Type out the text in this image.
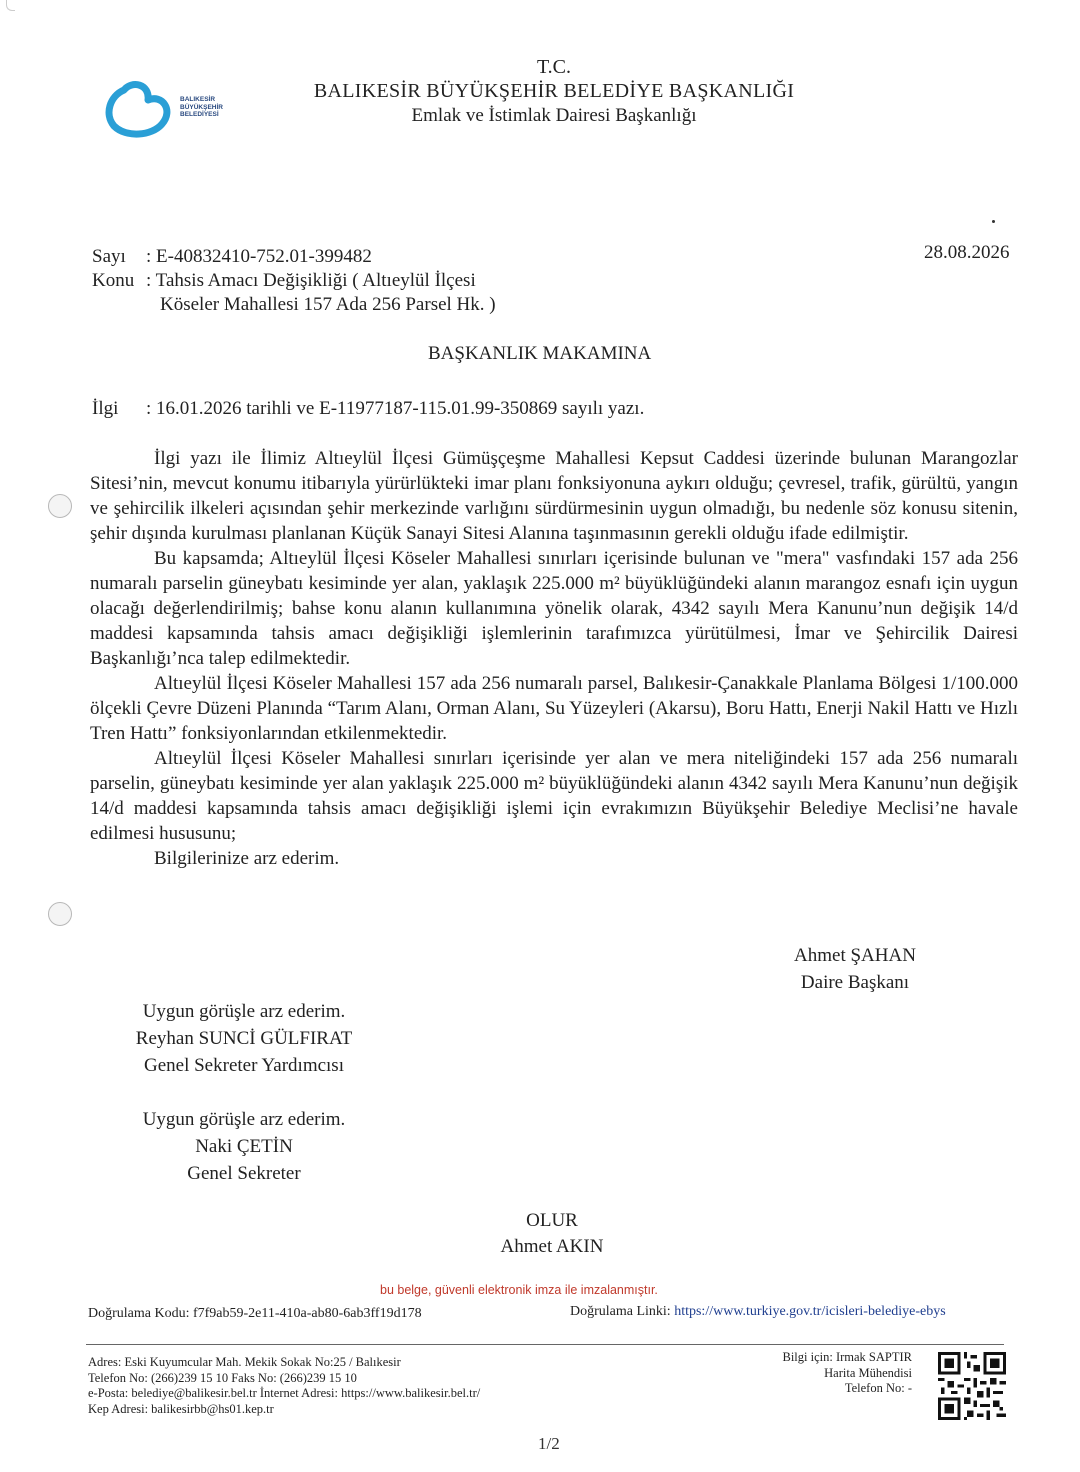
BALIKESİR
BÜYÜKŞEHİR
BELEDİYESİ
T.C.
BALIKESİR BÜYÜKŞEHİR BELEDİYE BAŞKANLIĞI
Emlak ve İstimlak Dairesi Başkanlığı
Sayı : E-40832410-752.01-399482	28.08.2026
Konu : Tahsis Amacı Değişikliği ( Altıeylül İlçesi
Köseler Mahallesi 157 Ada 256 Parsel Hk. )
BAŞKANLIK MAKAMINA
İlgi : 16.01.2026 tarihli ve E-11977187-115.01.99-350869 sayılı yazı.

İlgi yazı ile İlimiz Altıeylül İlçesi Gümüşçeşme Mahallesi Kepsut Caddesi üzerinde bulunan Marangozlar Sitesi’nin, mevcut konumu itibarıyla yürürlükteki imar planı fonksiyonuna aykırı olduğu; çevresel, trafik, gürültü, yangın ve şehircilik ilkeleri açısından şehir merkezinde varlığını sürdürmesinin uygun olmadığı, bu nedenle söz konusu sitenin, şehir dışında kurulması planlanan Küçük Sanayi Sitesi Alanına taşınmasının gerekli olduğu ifade edilmiştir.

Bu kapsamda; Altıeylül İlçesi Köseler Mahallesi sınırları içerisinde bulunan ve "mera" vasfındaki 157 ada 256 numaralı parselin güneybatı kesiminde yer alan, yaklaşık 225.000 m² büyüklüğündeki alanın marangoz esnafı için uygun olacağı değerlendirilmiş; bahse konu alanın kullanımına yönelik olarak, 4342 sayılı Mera Kanunu’nun değişik 14/d maddesi kapsamında tahsis amacı değişikliği işlemlerinin tarafımızca yürütülmesi, İmar ve Şehircilik Dairesi Başkanlığı’nca talep edilmektedir.

Altıeylül İlçesi Köseler Mahallesi 157 ada 256 numaralı parsel, Balıkesir-Çanakkale Planlama Bölgesi 1/100.000 ölçekli Çevre Düzeni Planında “Tarım Alanı, Orman Alanı, Su Yüzeyleri (Akarsu), Boru Hattı, Enerji Nakil Hattı ve Hızlı Tren Hattı” fonksiyonlarından etkilenmektedir.

Altıeylül İlçesi Köseler Mahallesi sınırları içerisinde yer alan ve mera niteliğindeki 157 ada 256 numaralı parselin, güneybatı kesiminde yer alan yaklaşık 225.000 m² büyüklüğündeki alanın 4342 sayılı Mera Kanunu’nun değişik 14/d maddesi kapsamında tahsis amacı değişikliği işlemi için evrakımızın Büyükşehir Belediye Meclisi’ne havale edilmesi hususunu;

Bilgilerinize arz ederim.

Ahmet ŞAHAN
Daire Başkanı
Uygun görüşle arz ederim.
Reyhan SUNCİ GÜLFIRAT
Genel Sekreter Yardımcısı
Uygun görüşle arz ederim.
Naki ÇETİN
Genel Sekreter
OLUR
Ahmet AKIN
bu belge, güvenli elektronik imza ile imzalanmıştır.
Doğrulama Kodu: f7f9ab59-2e11-410a-ab80-6ab3ff19d178	Doğrulama Linki: https://www.turkiye.gov.tr/icisleri-belediye-ebys
Adres: Eski Kuyumcular Mah. Mekik Sokak No:25 / Balıkesir
Telefon No: (266)239 15 10 Faks No: (266)239 15 10
e-Posta: belediye@balikesir.bel.tr İnternet Adresi: https://www.balikesir.bel.tr/
Kep Adresi: balikesirbb@hs01.kep.tr
Bilgi için: Irmak SAPTIR
Harita Mühendisi
Telefon No: -
1/2
